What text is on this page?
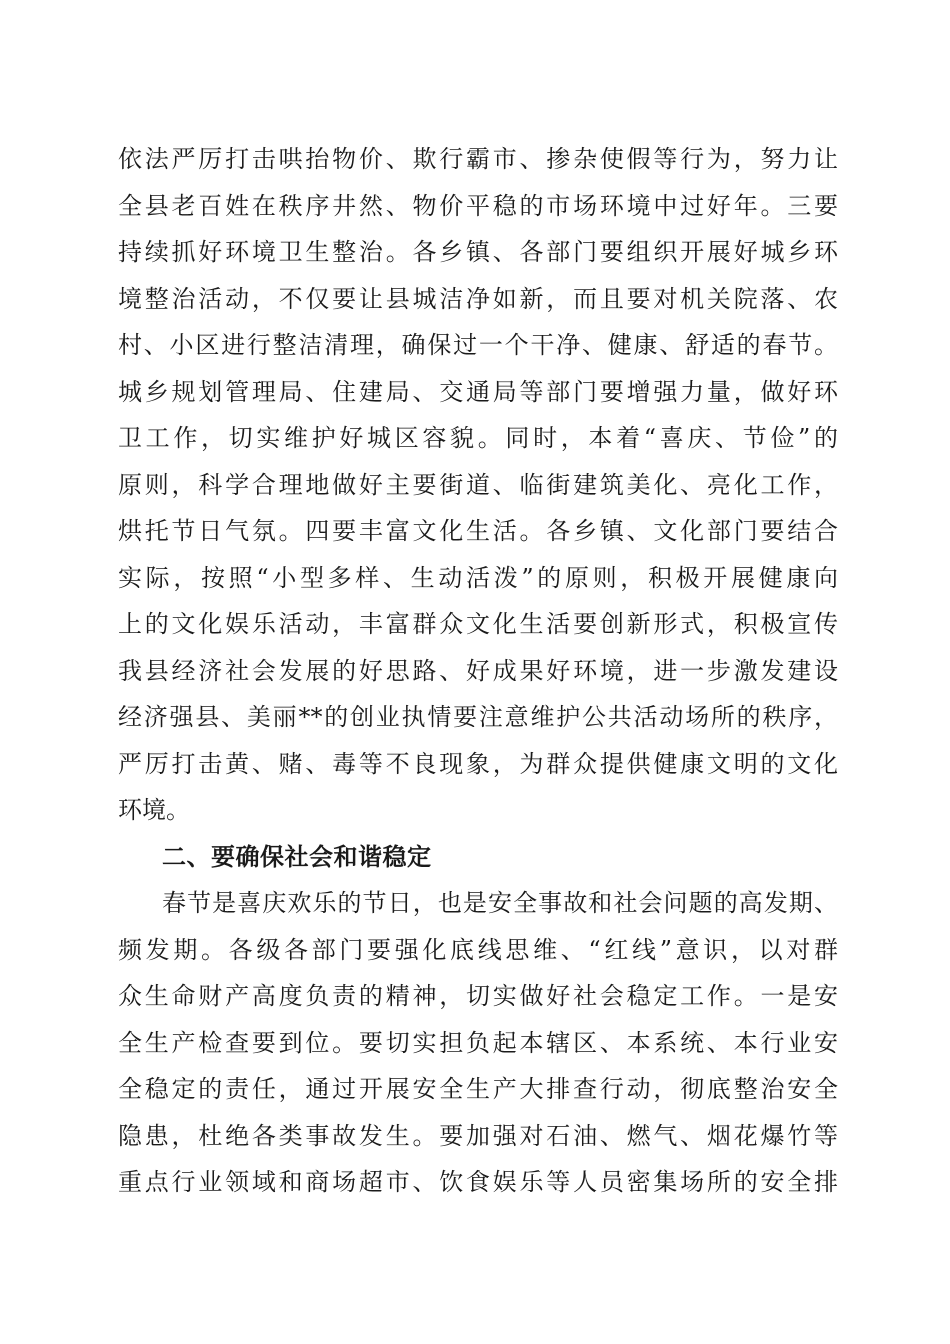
依法严厉打击哄抬物价、欺行霸市、掺杂使假等行为，努力让
全县老百姓在秩序井然、物价平稳的市场环境中过好年。三要
持续抓好环境卫生整治。各乡镇、各部门要组织开展好城乡环
境整治活动，不仅要让县城洁净如新，而且要对机关院落、农
村、小区进行整洁清理，确保过一个干净、健康、舒适的春节。
城乡规划管理局、住建局、交通局等部门要增强力量，做好环
卫工作，切实维护好城区容貌。同时，本着“喜庆、节俭”的
原则，科学合理地做好主要街道、临街建筑美化、亮化工作，
烘托节日气氛。四要丰富文化生活。各乡镇、文化部门要结合
实际，按照“小型多样、生动活泼”的原则，积极开展健康向
上的文化娱乐活动，丰富群众文化生活要创新形式，积极宣传
我县经济社会发展的好思路、好成果好环境，进一步激发建设
经济强县、美丽**的创业执情要注意维护公共活动场所的秩序，
严厉打击黄、赌、毒等不良现象，为群众提供健康文明的文化
环境。
二、要确保社会和谐稳定
春节是喜庆欢乐的节日，也是安全事故和社会问题的高发期、
频发期。各级各部门要强化底线思维、“红线”意识，以对群
众生命财产高度负责的精神，切实做好社会稳定工作。一是安
全生产检查要到位。要切实担负起本辖区、本系统、本行业安
全稳定的责任，通过开展安全生产大排查行动，彻底整治安全
隐患，杜绝各类事故发生。要加强对石油、燃气、烟花爆竹等
重点行业领域和商场超市、饮食娱乐等人员密集场所的安全排
